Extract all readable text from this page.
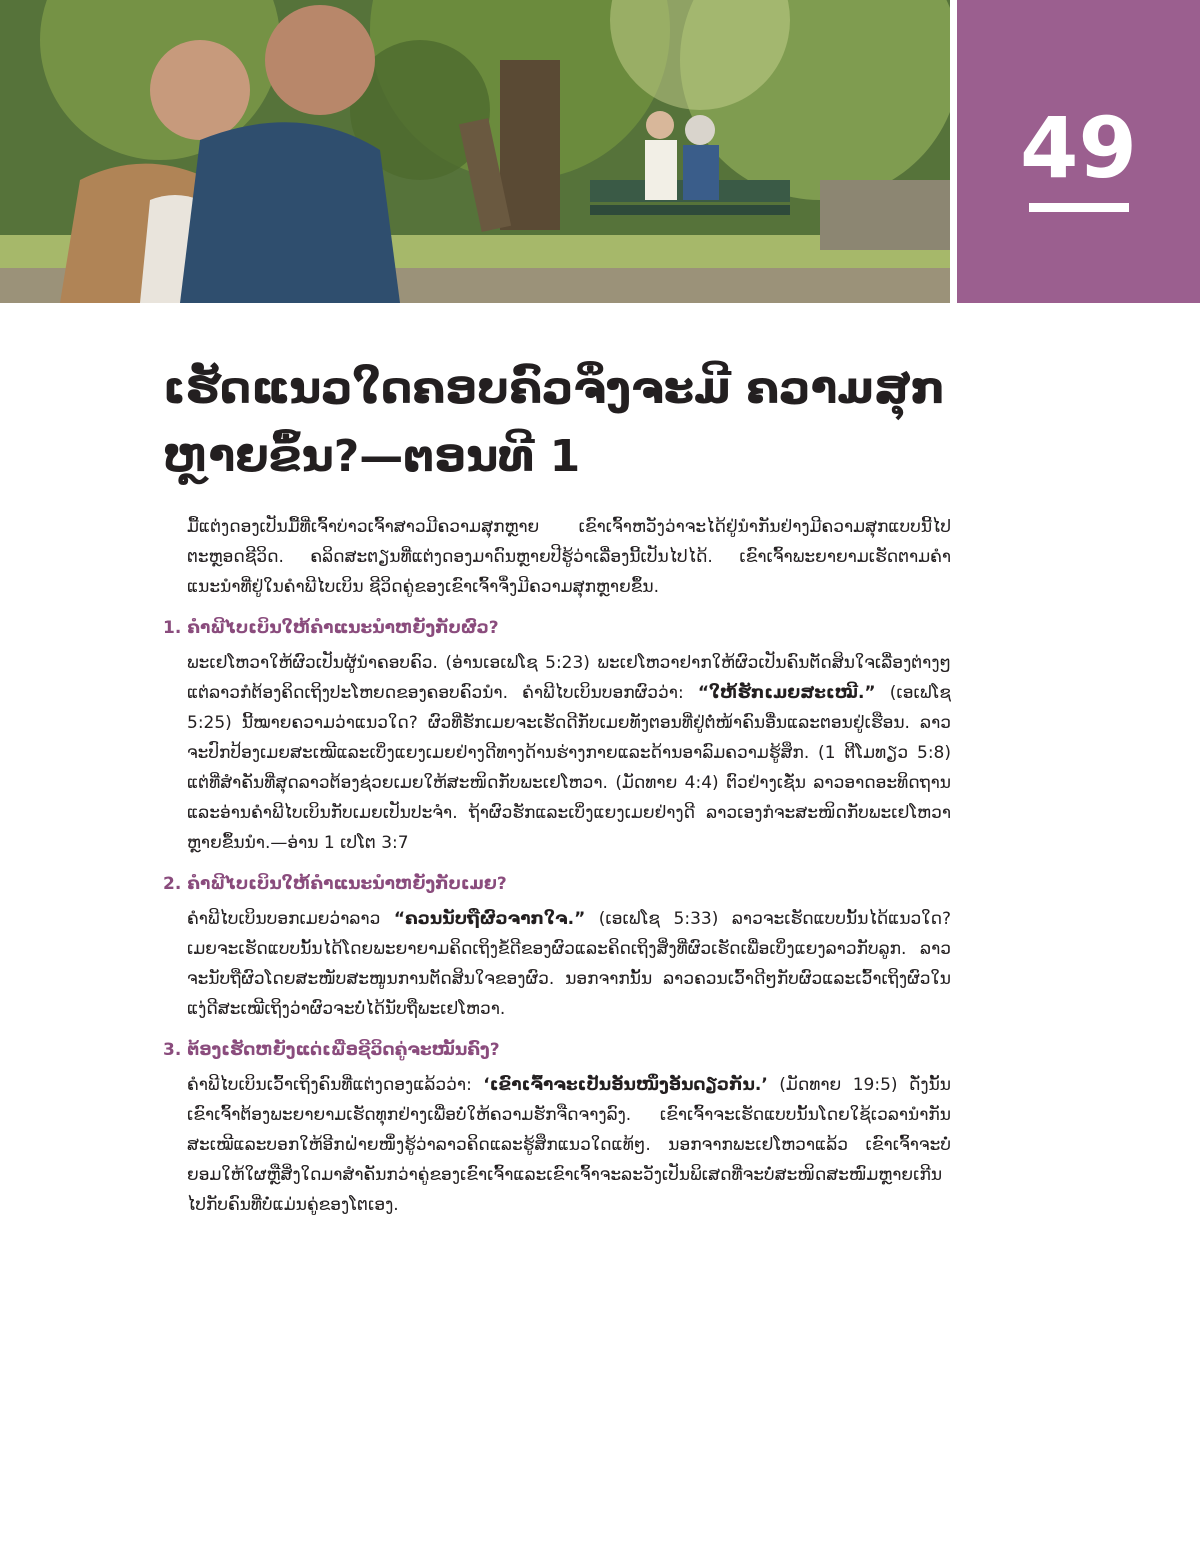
49
ເຮັດແນວໃດຄອບຄົວຈຶ່ງຈະມີ ຄວາມສຸກຫຼາຍຂຶ້ນ?—ຕອນທີ 1

ມື້ແຕ່ງດອງເປັນມື້ທີ່ເຈົ້າບ່າວເຈົ້າສາວມີຄວາມສຸກຫຼາຍ ເຂົາເຈົ້າຫວັງວ່າຈະໄດ້ຢູ່ນຳກັນຢ່າງມີຄວາມສຸກແບບນີ້ໄປຕະຫຼອດຊີວິດ. ຄລິດສະຕຽນທີ່ແຕ່ງດອງມາດົນຫຼາຍປີຮູ້ວ່າເລື່ອງນີ້ເປັນໄປໄດ້. ເຂົາເຈົ້າພະຍາຍາມເຮັດຕາມຄຳແນະນຳທີ່ຢູ່ໃນຄຳພີໄບເບິນ ຊີວິດຄູ່ຂອງເຂົາເຈົ້າຈຶ່ງມີຄວາມສຸກຫຼາຍຂຶ້ນ.

1. ຄຳພີໄບເບິນໃຫ້ຄຳແນະນຳຫຍັງກັບຜົວ?

ພະເຢໂຫວາໃຫ້ຜົວເປັນຜູ້ນຳຄອບຄົວ. (ອ່ານເອເຟໂຊ 5:23) ພະເຢໂຫວາຢາກໃຫ້ຜົວເປັນຄົນຕັດສິນໃຈເລື່ອງຕ່າງໆ ແຕ່ລາວກໍຕ້ອງຄິດເຖິງປະໂຫຍດຂອງຄອບຄົວນຳ. ຄຳພີໄບເບິນບອກຜົວວ່າ: “ໃຫ້ຮັກເມຍສະເໝີ.” (ເອເຟໂຊ 5:25) ນີ້ໝາຍຄວາມວ່າແນວໃດ? ຜົວທີ່ຮັກເມຍຈະເຮັດດີກັບເມຍທັງຕອນທີ່ຢູ່ຕໍ່ໜ້າຄົນອື່ນແລະຕອນຢູ່ເຮືອນ. ລາວຈະປົກປ້ອງເມຍສະເໝີແລະເບິ່ງແຍງເມຍຢ່າງດີທາງດ້ານຮ່າງກາຍແລະດ້ານອາລົມຄວາມຮູ້ສຶກ. (1 ຕີໂມທຽວ 5:8) ແຕ່ທີ່ສຳຄັນທີ່ສຸດລາວຕ້ອງຊ່ວຍເມຍໃຫ້ສະໜິດກັບພະເຢໂຫວາ. (ມັດທາຍ 4:4) ຕົວຢ່າງເຊັ່ນ ລາວອາດອະທິດຖານແລະອ່ານຄຳພີໄບເບິນກັບເມຍເປັນປະຈຳ. ຖ້າຜົວຮັກແລະເບິ່ງແຍງເມຍຢ່າງດີ ລາວເອງກໍຈະສະໜິດກັບພະເຢໂຫວາຫຼາຍຂຶ້ນນຳ.—ອ່ານ 1 ເປໂຕ 3:7

2. ຄຳພີໄບເບິນໃຫ້ຄຳແນະນຳຫຍັງກັບເມຍ?

ຄຳພີໄບເບິນບອກເມຍວ່າລາວ “ຄວນນັບຖືຜົວຈາກໃຈ.” (ເອເຟໂຊ 5:33) ລາວຈະເຮັດແບບນັ້ນໄດ້ແນວໃດ? ເມຍຈະເຮັດແບບນັ້ນໄດ້ໂດຍພະຍາຍາມຄິດເຖິງຂໍ້ດີຂອງຜົວແລະຄິດເຖິງສິ່ງທີ່ຜົວເຮັດເພື່ອເບິ່ງແຍງລາວກັບລູກ. ລາວຈະນັບຖືຜົວໂດຍສະໜັບສະໜູນການຕັດສິນໃຈຂອງຜົວ. ນອກຈາກນັ້ນ ລາວຄວນເວົ້າດີໆກັບຜົວແລະເວົ້າເຖິງຜົວໃນແງ່ດີສະເໝີເຖິງວ່າຜົວຈະບໍ່ໄດ້ນັບຖືພະເຢໂຫວາ.

3. ຕ້ອງເຮັດຫຍັງແດ່ເພື່ອຊີວິດຄູ່ຈະໝັ້ນຄົງ?

ຄຳພີໄບເບິນເວົ້າເຖິງຄົນທີ່ແຕ່ງດອງແລ້ວວ່າ: ‘ເຂົາເຈົ້າຈະເປັນອັນໜຶ່ງອັນດຽວກັນ.’ (ມັດທາຍ 19:5) ດັ່ງນັ້ນ ເຂົາເຈົ້າຕ້ອງພະຍາຍາມເຮັດທຸກຢ່າງເພື່ອບໍ່ໃຫ້ຄວາມຮັກຈືດຈາງລົງ. ເຂົາເຈົ້າຈະເຮັດແບບນັ້ນໂດຍໃຊ້ເວລານຳກັນສະເໝີແລະບອກໃຫ້ອີກຝ່າຍໜຶ່ງຮູ້ວ່າລາວຄິດແລະຮູ້ສຶກແນວໃດແທ້ໆ. ນອກຈາກພະເຢໂຫວາແລ້ວ ເຂົາເຈົ້າຈະບໍ່ຍອມໃຫ້ໃຜຫຼືສິ່ງໃດມາສຳຄັນກວ່າຄູ່ຂອງເຂົາເຈົ້າແລະເຂົາເຈົ້າຈະລະວັງເປັນພິເສດທີ່ຈະບໍ່ສະໜິດສະໜົມຫຼາຍເກີນໄປກັບຄົນທີ່ບໍ່ແມ່ນຄູ່ຂອງໂຕເອງ.
